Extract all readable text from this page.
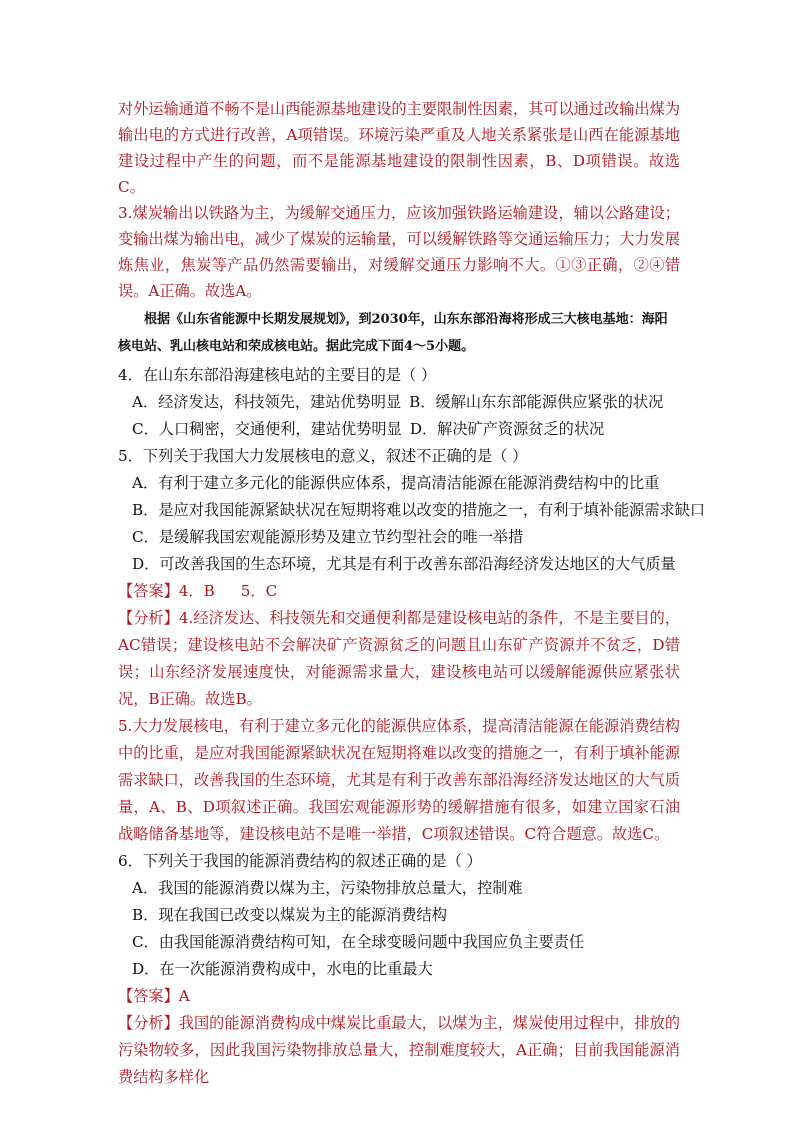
对外运输通道不畅不是山西能源基地建设的主要限制性因素，其可以通过改输出煤为输出电的方式进行改善，A项错误。环境污染严重及人地关系紧张是山西在能源基地建设过程中产生的问题，而不是能源基地建设的限制性因素，B、D项错误。故选C。
3.煤炭输出以铁路为主，为缓解交通压力，应该加强铁路运输建设，辅以公路建设；变输出煤为输出电，减少了煤炭的运输量，可以缓解铁路等交通运输压力；大力发展炼焦业，焦炭等产品仍然需要输出，对缓解交通压力影响不大。①③正确，②④错误。A正确。故选A。
根据《山东省能源中长期发展规划》，到2030年，山东东部沿海将形成三大核电基地：海阳核电站、乳山核电站和荣成核电站。据此完成下面4～5小题。
4．在山东东部沿海建核电站的主要目的是（ ）
A．经济发达，科技领先，建站优势明显 B．缓解山东东部能源供应紧张的状况
C．人口稠密，交通便利，建站优势明显 D．解决矿产资源贫乏的状况
5．下列关于我国大力发展核电的意义，叙述不正确的是（ ）
A．有利于建立多元化的能源供应体系，提高清洁能源在能源消费结构中的比重
B．是应对我国能源紧缺状况在短期将难以改变的措施之一，有利于填补能源需求缺口
C．是缓解我国宏观能源形势及建立节约型社会的唯一举措
D．可改善我国的生态环境，尤其是有利于改善东部沿海经济发达地区的大气质量
【答案】4．B 5．C
【分析】4.经济发达、科技领先和交通便利都是建设核电站的条件，不是主要目的，AC错误；建设核电站不会解决矿产资源贫乏的问题且山东矿产资源并不贫乏，D错误；山东经济发展速度快，对能源需求量大，建设核电站可以缓解能源供应紧张状况，B正确。故选B。
5.大力发展核电，有利于建立多元化的能源供应体系，提高清洁能源在能源消费结构中的比重，是应对我国能源紧缺状况在短期将难以改变的措施之一，有利于填补能源需求缺口，改善我国的生态环境，尤其是有利于改善东部沿海经济发达地区的大气质量，A、B、D项叙述正确。我国宏观能源形势的缓解措施有很多，如建立国家石油战略储备基地等，建设核电站不是唯一举措，C项叙述错误。C符合题意。故选C。
6．下列关于我国的能源消费结构的叙述正确的是（ ）
A．我国的能源消费以煤为主，污染物排放总量大，控制难
B．现在我国已改变以煤炭为主的能源消费结构
C．由我国能源消费结构可知，在全球变暖问题中我国应负主要责任
D．在一次能源消费构成中，水电的比重最大
【答案】A
【分析】我国的能源消费构成中煤炭比重最大，以煤为主，煤炭使用过程中，排放的污染物较多，因此我国污染物排放总量大，控制难度较大，A正确；目前我国能源消费结构多样化
